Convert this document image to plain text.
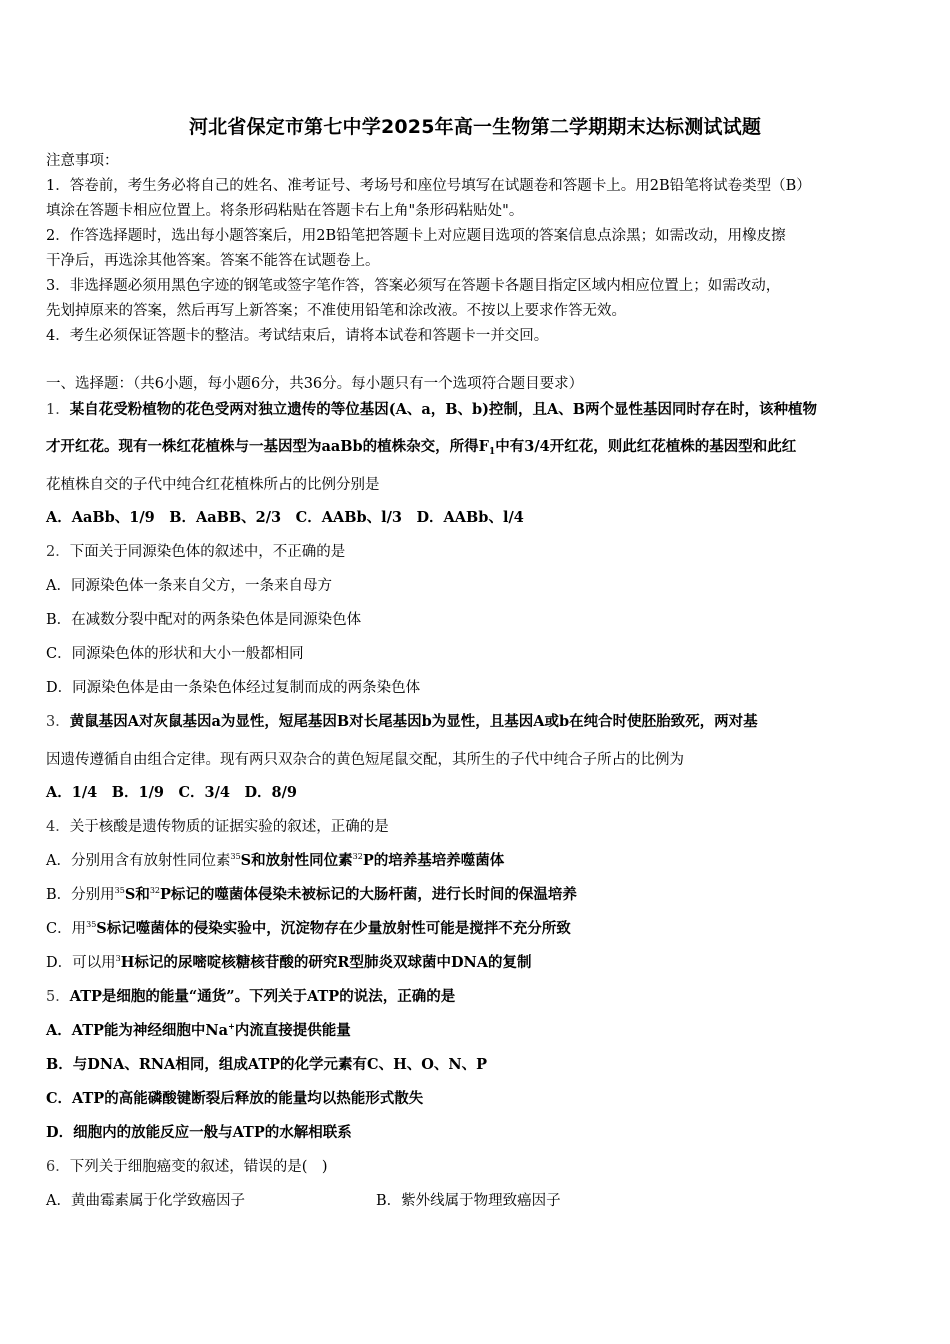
河北省保定市第七中学2025年高一生物第二学期期末达标测试试题
注意事项：
1．答卷前，考生务必将自己的姓名、准考证号、考场号和座位号填写在试题卷和答题卡上。用2B铅笔将试卷类型（B）
填涂在答题卡相应位置上。将条形码粘贴在答题卡右上角"条形码粘贴处"。
2．作答选择题时，选出每小题答案后，用2B铅笔把答题卡上对应题目选项的答案信息点涂黑；如需改动，用橡皮擦
干净后，再选涂其他答案。答案不能答在试题卷上。
3．非选择题必须用黑色字迹的钢笔或签字笔作答，答案必须写在答题卡各题目指定区域内相应位置上；如需改动，
先划掉原来的答案，然后再写上新答案；不准使用铅笔和涂改液。不按以上要求作答无效。
4．考生必须保证答题卡的整洁。考试结束后，请将本试卷和答题卡一并交回。
一、选择题：（共6小题，每小题6分，共36分。每小题只有一个选项符合题目要求）
1．某自花受粉植物的花色受两对独立遗传的等位基因(A、a，B、b)控制，且A、B两个显性基因同时存在时，该种植物
才开红花。现有一株红花植株与一基因型为aaBb的植株杂交，所得$F_1$中有3/4开红花，则此红花植株的基因型和此红
花植株自交的子代中纯合红花植株所占的比例分别是
A．AaBb、1/9　B．AaBB、2/3　C．AABb、l/3　D．AABb、l/4
2．下面关于同源染色体的叙述中，不正确的是
A．同源染色体一条来自父方，一条来自母方
B．在减数分裂中配对的两条染色体是同源染色体
C．同源染色体的形状和大小一般都相同
D．同源染色体是由一条染色体经过复制而成的两条染色体
3．黄鼠基因A对灰鼠基因a为显性，短尾基因B对长尾基因b为显性，且基因A或b在纯合时使胚胎致死，两对基
因遗传遵循自由组合定律。现有两只双杂合的黄色短尾鼠交配，其所生的子代中纯合子所占的比例为
A．1/4　B．1/9　C．3/4　D．8/9
4．关于核酸是遗传物质的证据实验的叙述，正确的是
A．分别用含有放射性同位素$^{35}$S和放射性同位素$^{32}$P的培养基培养噬菌体
B．分别用$^{35}$S和$^{32}$P标记的噬菌体侵染未被标记的大肠杆菌，进行长时间的保温培养
C．用$^{35}$S标记噬菌体的侵染实验中，沉淀物存在少量放射性可能是搅拌不充分所致
D．可以用$^3$H标记的尿嘧啶核糖核苷酸的研究R型肺炎双球菌中DNA的复制
5．ATP是细胞的能量“通货”。下列关于ATP的说法，正确的是
A．ATP能为神经细胞中Na+内流直接提供能量
B．与DNA、RNA相同，组成ATP的化学元素有C、H、O、N、P
C．ATP的高能磷酸键断裂后释放的能量均以热能形式散失
D．细胞内的放能反应一般与ATP的水解相联系
6．下列关于细胞癌变的叙述，错误的是(　)
A．黄曲霉素属于化学致癌因子	B．紫外线属于物理致癌因子
